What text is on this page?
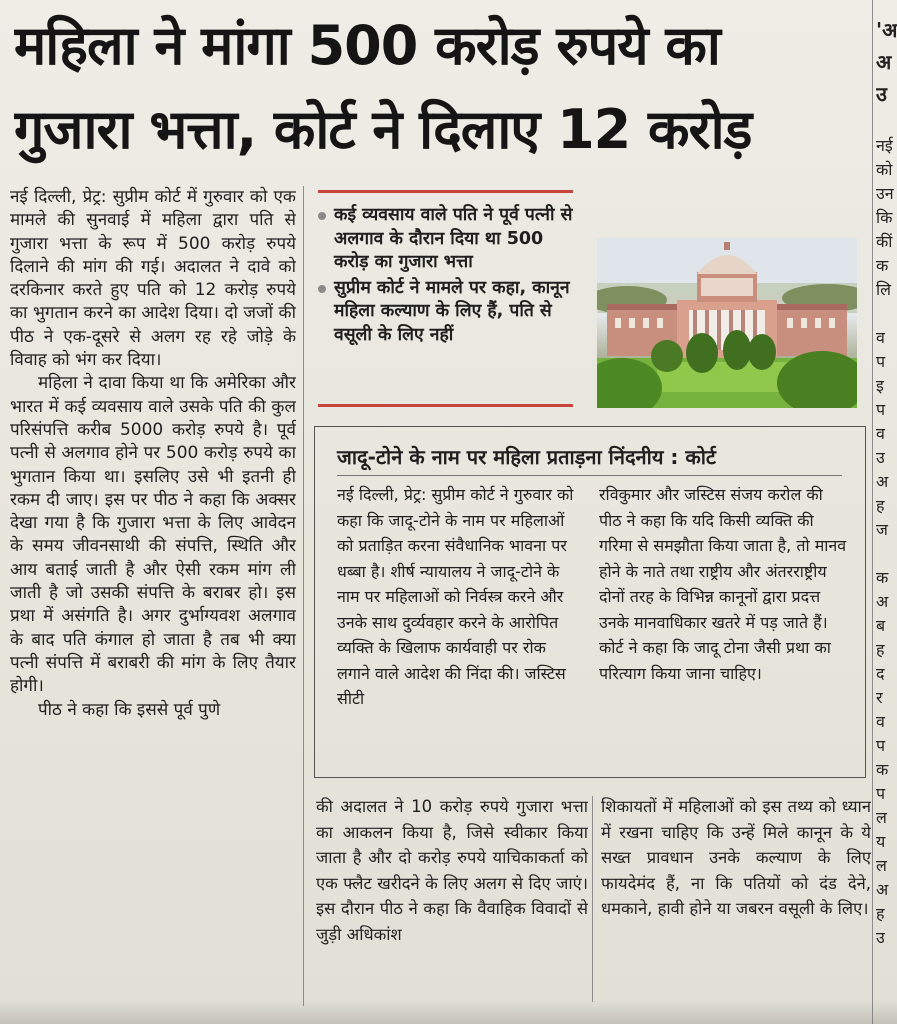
महिला ने मांगा 500 करोड़ रुपये का
गुजारा भत्ता, कोर्ट ने दिलाए 12 करोड़

नई दिल्ली, प्रेट्र: सुप्रीम कोर्ट में गुरुवार को एक मामले की सुनवाई में महिला द्वारा पति से गुजारा भत्ता के रूप में 500 करोड़ रुपये दिलाने की मांग की गई। अदालत ने दावे को दरकिनार करते हुए पति को 12 करोड़ रुपये का भुगतान करने का आदेश दिया। दो जजों की पीठ ने एक-दूसरे से अलग रह रहे जोड़े के विवाह को भंग कर दिया।

महिला ने दावा किया था कि अमेरिका और भारत में कई व्यवसाय वाले उसके पति की कुल परिसंपत्ति करीब 5000 करोड़ रुपये है। पूर्व पत्नी से अलगाव होने पर 500 करोड़ रुपये का भुगतान किया था। इसलिए उसे भी इतनी ही रकम दी जाए। इस पर पीठ ने कहा कि अक्सर देखा गया है कि गुजारा भत्ता के लिए आवेदन के समय जीवनसाथी की संपत्ति, स्थिति और आय बताई जाती है और ऐसी रकम मांग ली जाती है जो उसकी संपत्ति के बराबर हो। इस प्रथा में असंगति है। अगर दुर्भाग्यवश अलगाव के बाद पति कंगाल हो जाता है तब भी क्या पत्नी संपत्ति में बराबरी की मांग के लिए तैयार होगी।

पीठ ने कहा कि इससे पूर्व पुणे

कई व्यवसाय वाले पति ने पूर्व पत्नी से अलगाव के दौरान दिया था 500 करोड़ का गुजारा भत्ता
सुप्रीम कोर्ट ने मामले पर कहा, कानून महिला कल्याण के लिए हैं, पति से वसूली के लिए नहीं
जादू-टोने के नाम पर महिला प्रताड़ना निंदनीय : कोर्ट
नई दिल्ली, प्रेट्र: सुप्रीम कोर्ट ने गुरुवार को कहा कि जादू-टोने के नाम पर महिलाओं को प्रताड़ित करना संवैधानिक भावना पर धब्बा है। शीर्ष न्यायालय ने जादू-टोने के नाम पर महिलाओं को निर्वस्त्र करने और उनके साथ दुर्व्यवहार करने के आरोपित व्यक्ति के खिलाफ कार्यवाही पर रोक लगाने वाले आदेश की निंदा की। जस्टिस सीटी
रविकुमार और जस्टिस संजय करोल की पीठ ने कहा कि यदि किसी व्यक्ति की गरिमा से समझौता किया जाता है, तो मानव होने के नाते तथा राष्ट्रीय और अंतरराष्ट्रीय दोनों तरह के विभिन्न कानूनों द्वारा प्रदत्त उनके मानवाधिकार खतरे में पड़ जाते हैं। कोर्ट ने कहा कि जादू टोना जैसी प्रथा का परित्याग किया जाना चाहिए।
की अदालत ने 10 करोड़ रुपये गुजारा भत्ता का आकलन किया है, जिसे स्वीकार किया जाता है और दो करोड़ रुपये याचिकाकर्ता को एक फ्लैट खरीदने के लिए अलग से दिए जाएं। इस दौरान पीठ ने कहा कि वैवाहिक विवादों से जुड़ी अधिकांश
शिकायतों में महिलाओं को इस तथ्य को ध्यान में रखना चाहिए कि उन्हें मिले कानून के ये सख्त प्रावधान उनके कल्याण के लिए फायदेमंद हैं, ना कि पतियों को दंड देने, धमकाने, हावी होने या जबरन वसूली के लिए।
'अ
अ
उ

नई
को
उन
कि
कीं
क
लि

व
प
इ
प
व
उ
अ
ह
ज

क
अ
ब
ह
द
र
व
प
क
प
ल
य
ल
अ
ह
उ
